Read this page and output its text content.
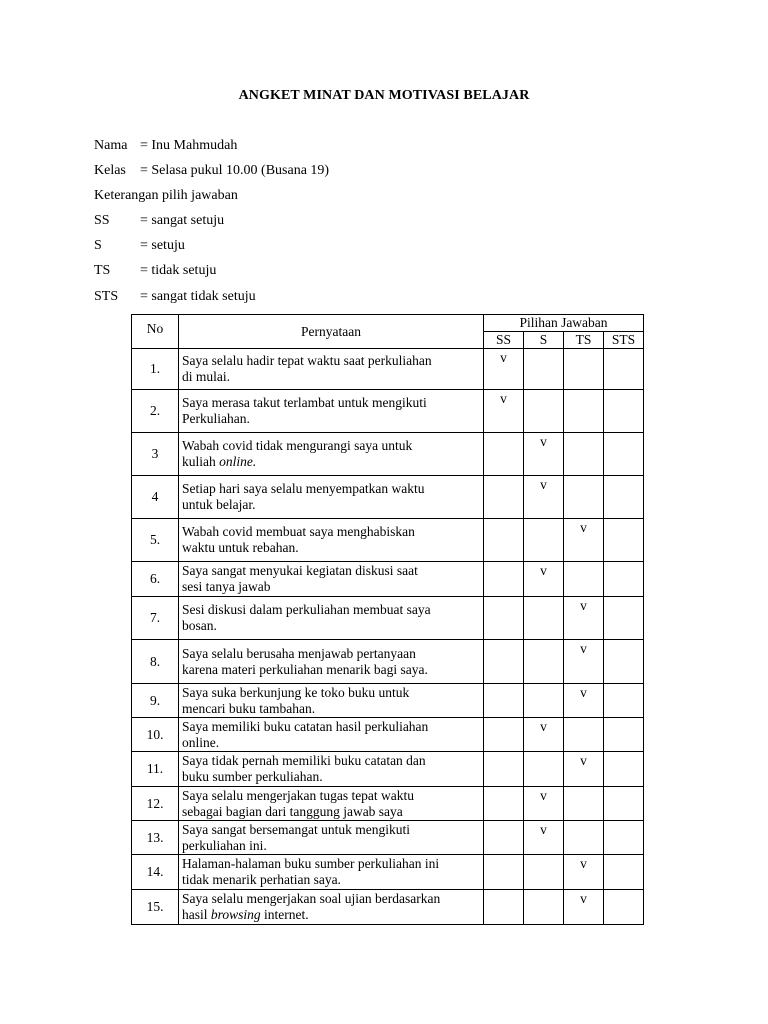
ANGKET MINAT DAN MOTIVASI BELAJAR
Nama = Inu Mahmudah
Kelas = Selasa pukul 10.00 (Busana 19)
Keterangan pilih jawaban
SS = sangat setuju
S	= setuju
TS = tidak setuju
STS = sangat tidak setuju
No	Pernyataan	Pilihan Jawaban			
		SS	S	TS	STS
1.	Saya selalu hadir tepat waktu saat perkuliahan
di mulai.	v			

2.	Saya merasa takut terlambat untuk mengikuti
Perkuliahan.	v			

3	Wabah covid tidak mengurangi saya untuk
kuliah online.		v		

4	Setiap hari saya selalu menyempatkan waktu
untuk belajar.		v		

5.	Wabah covid membuat saya menghabiskan
waktu untuk rebahan.			v	

6.	Saya sangat menyukai kegiatan diskusi saat
sesi tanya jawab		v		

7.	Sesi diskusi dalam perkuliahan membuat saya
bosan.			v	

8.	Saya selalu berusaha menjawab pertanyaan
karena materi perkuliahan menarik bagi saya.			v	

9.	Saya suka berkunjung ke toko buku untuk
mencari buku tambahan.			v	

10.	Saya memiliki buku catatan hasil perkuliahan
online.		v		

11.	Saya tidak pernah memiliki buku catatan dan
buku sumber perkuliahan.			v	

12.	Saya selalu mengerjakan tugas tepat waktu
sebagai bagian dari tanggung jawab saya		v		

13.	Saya sangat bersemangat untuk mengikuti
perkuliahan ini.		v		

14.	Halaman-halaman buku sumber perkuliahan ini
tidak menarik perhatian saya.			v	

15.	Saya selalu mengerjakan soal ujian berdasarkan
hasil browsing internet.			v	
